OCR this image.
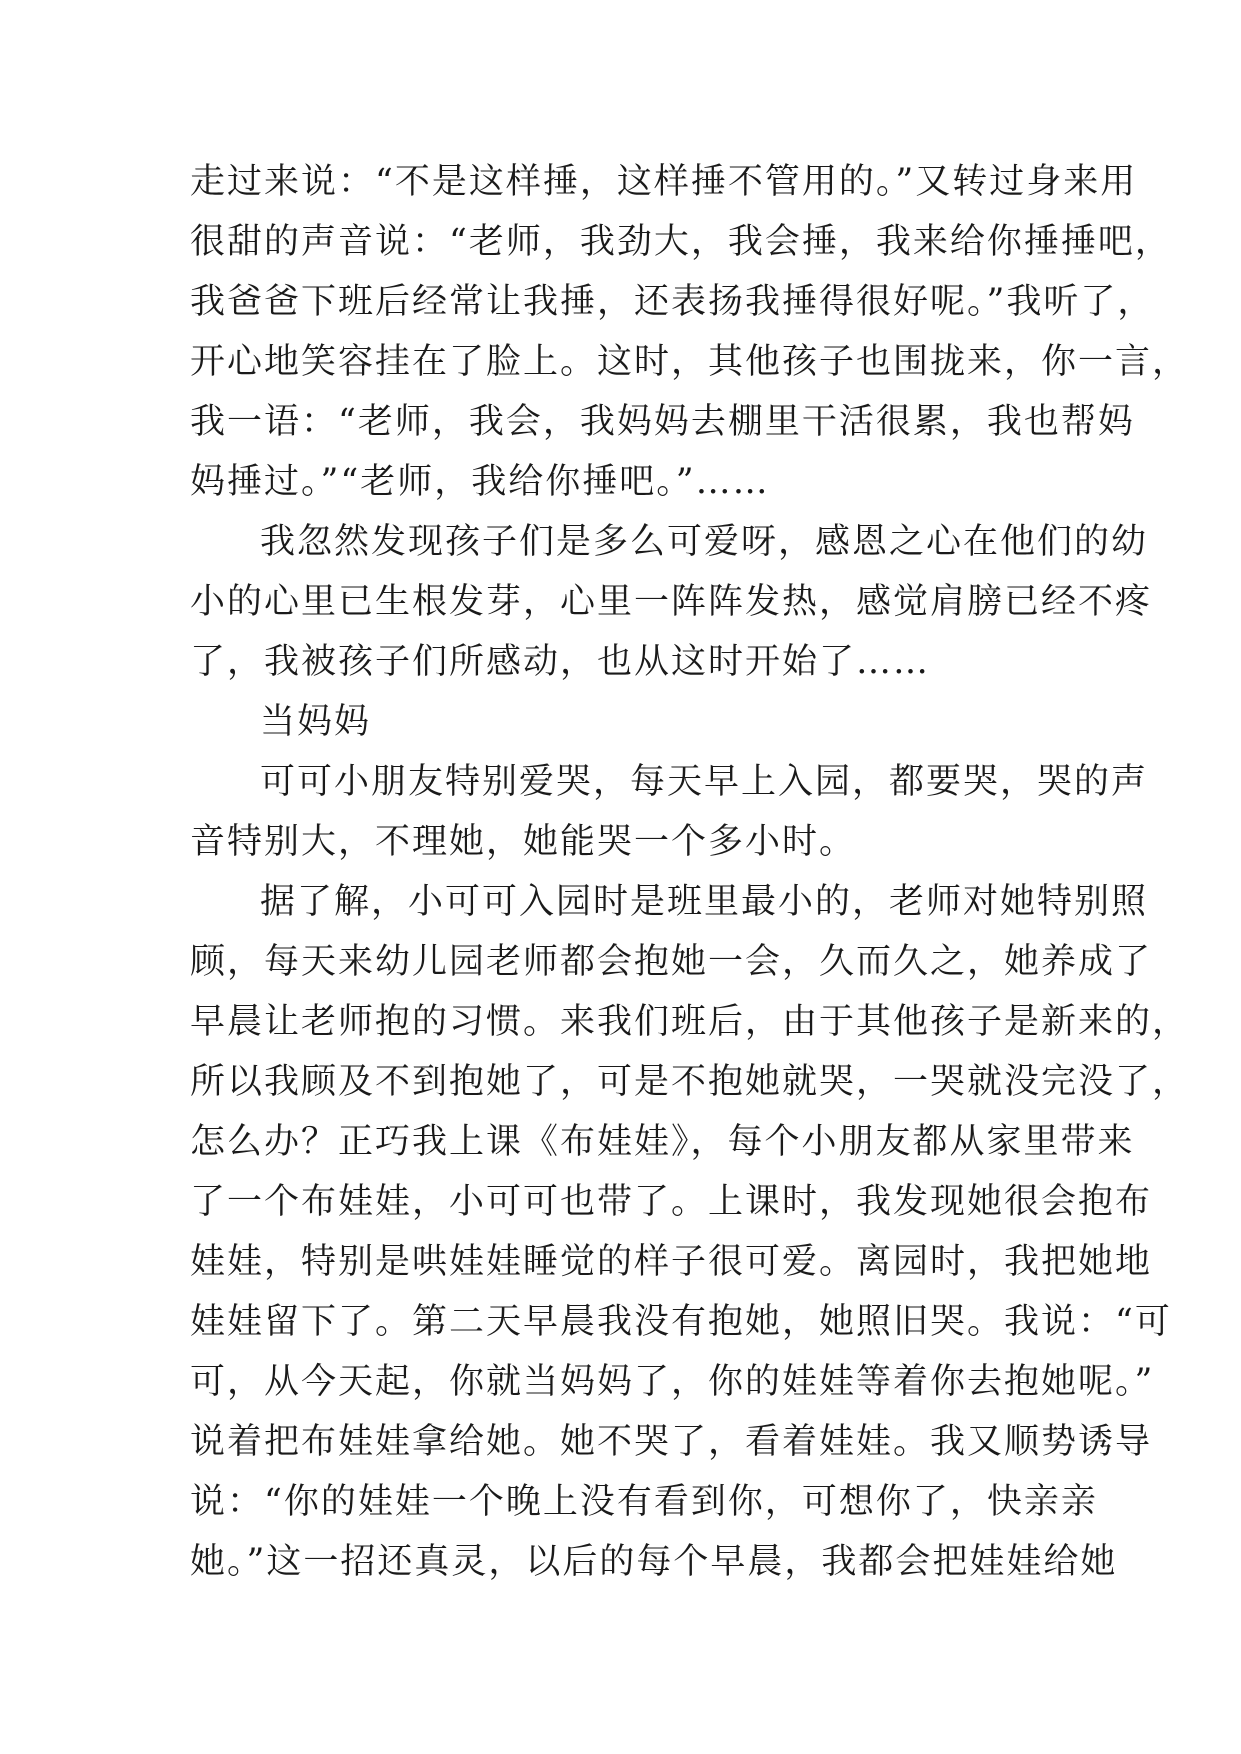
走过来说：“不是这样捶，这样捶不管用的。”又转过身来用
很甜的声音说：“老师，我劲大，我会捶，我来给你捶捶吧，
我爸爸下班后经常让我捶，还表扬我捶得很好呢。”我听了，
开心地笑容挂在了脸上。这时，其他孩子也围拢来，你一言，
我一语：“老师，我会，我妈妈去棚里干活很累，我也帮妈
妈捶过。”“老师，我给你捶吧。”……

我忽然发现孩子们是多么可爱呀，感恩之心在他们的幼
小的心里已生根发芽，心里一阵阵发热，感觉肩膀已经不疼
了，我被孩子们所感动，也从这时开始了……

当妈妈

可可小朋友特别爱哭，每天早上入园，都要哭，哭的声
音特别大，不理她，她能哭一个多小时。

据了解，小可可入园时是班里最小的，老师对她特别照
顾，每天来幼儿园老师都会抱她一会，久而久之，她养成了
早晨让老师抱的习惯。来我们班后，由于其他孩子是新来的，
所以我顾及不到抱她了，可是不抱她就哭，一哭就没完没了，
怎么办？正巧我上课《布娃娃》，每个小朋友都从家里带来
了一个布娃娃，小可可也带了。上课时，我发现她很会抱布
娃娃，特别是哄娃娃睡觉的样子很可爱。离园时，我把她地
娃娃留下了。第二天早晨我没有抱她，她照旧哭。我说：“可
可，从今天起，你就当妈妈了，你的娃娃等着你去抱她呢。”
说着把布娃娃拿给她。她不哭了，看着娃娃。我又顺势诱导
说：“你的娃娃一个晚上没有看到你，可想你了，快亲亲
她。”这一招还真灵，以后的每个早晨，我都会把娃娃给她
